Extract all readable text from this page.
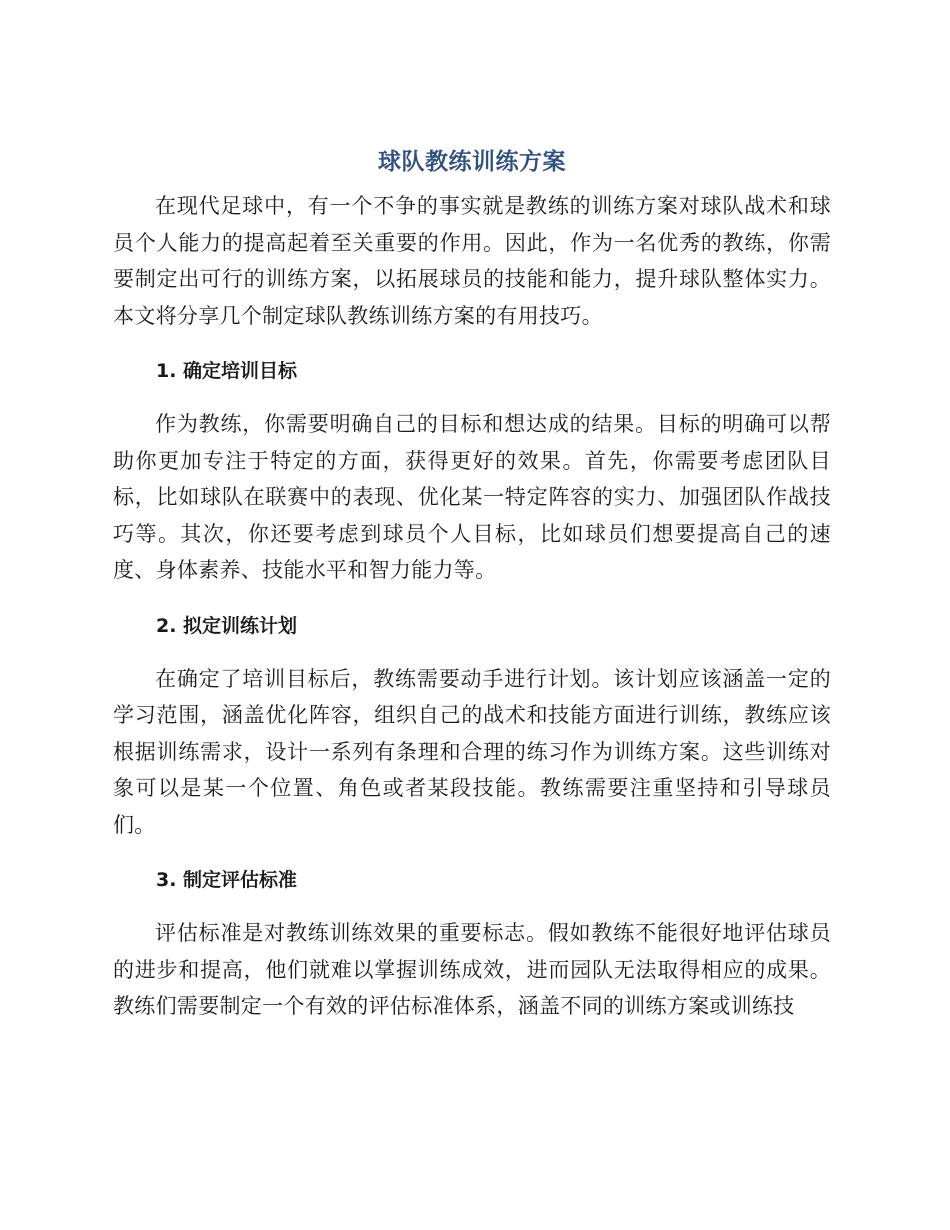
球队教练训练方案

在现代足球中，有一个不争的事实就是教练的训练方案对球队战术和球员个人能力的提高起着至关重要的作用。因此，作为一名优秀的教练，你需要制定出可行的训练方案，以拓展球员的技能和能力，提升球队整体实力。本文将分享几个制定球队教练训练方案的有用技巧。

1. 确定培训目标

作为教练，你需要明确自己的目标和想达成的结果。目标的明确可以帮助你更加专注于特定的方面，获得更好的效果。首先，你需要考虑团队目标，比如球队在联赛中的表现、优化某一特定阵容的实力、加强团队作战技巧等。其次，你还要考虑到球员个人目标，比如球员们想要提高自己的速度、身体素养、技能水平和智力能力等。

2. 拟定训练计划

在确定了培训目标后，教练需要动手进行计划。该计划应该涵盖一定的学习范围，涵盖优化阵容，组织自己的战术和技能方面进行训练，教练应该根据训练需求，设计一系列有条理和合理的练习作为训练方案。这些训练对象可以是某一个位置、角色或者某段技能。教练需要注重坚持和引导球员们。

3. 制定评估标准

评估标准是对教练训练效果的重要标志。假如教练不能很好地评估球员的进步和提高，他们就难以掌握训练成效，进而园队无法取得相应的成果。教练们需要制定一个有效的评估标准体系，涵盖不同的训练方案或训练技
